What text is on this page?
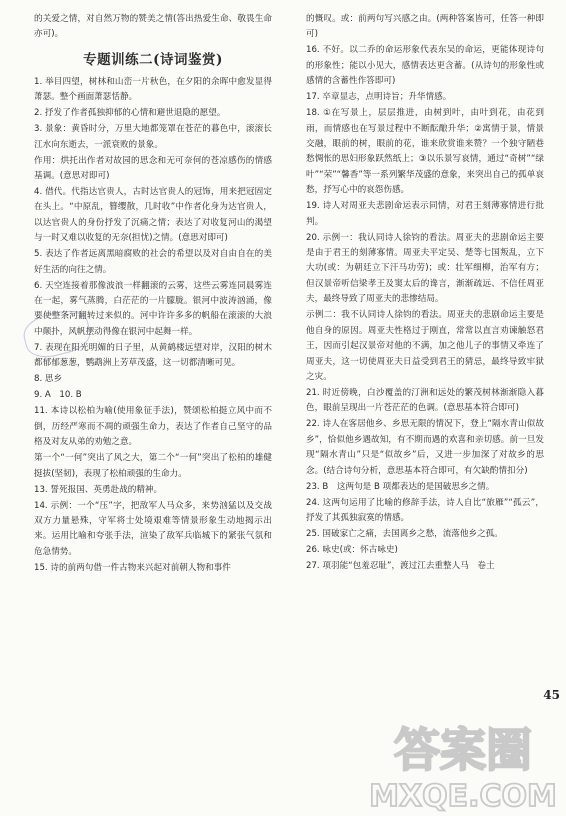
的关爱之情，对自然万物的赞美之情(答出热爱生命、敬畏生命亦可)。

专题训练二(诗词鉴赏)

1. 举目四望，树林和山峦一片秋色，在夕阳的余晖中愈发显得萧瑟。整个画面萧瑟恬静。

2. 抒发了作者孤独抑郁的心情和避世退隐的愿望。

3. 景象：黄昏时分，万里大地都笼罩在苍茫的暮色中，滚滚长江水向东逝去，一派衰败的景象。

作用：烘托出作者对故园的思念和无可奈何的苍凉感伤的情感基调。(意思对即可)

4. 借代。代指达官贵人，古时达官贵人的冠饰，用来把冠固定在头上。“中原乱，簪缨散，几时收”中作者化身为达官贵人，以达官贵人的身份抒发了沉痛之情；表达了对收复河山的渴望与一时又难以收复的无奈(担忧)之情。(意思对即可)

5. 表达了作者远离黑暗腐败的社会的希望以及对自由自在的美好生活的向往之情。

6. 天空连接着那像波浪一样翻滚的云雾，这些云雾连同晨雾连在一起，雾气蒸腾，白茫茫的一片朦胧。银河中波涛汹涌，像要使整条河翻转过来似的。河中许许多多的帆船在滚滚的大浪中颠扑，风帆摆动得像在银河中起舞一样。

7. 表现在阳光明媚的日子里，从黄鹤楼远望对岸，汉阳的树木都郁郁葱葱，鹦鹉洲上芳草茂盛，这一切都清晰可见。

8. 思乡

9. A　10. B

11. 本诗以松柏为喻(使用象征手法)，赞颂松柏挺立风中而不倒，历经严寒而不凋的顽强生命力，表达了作者自己坚守的品格及对友从弟的劝勉之意。

第一个“一何”突出了风之大，第二个“一何”突出了松柏的雄健挺拔(坚韧)，表现了松柏顽强的生命力。

13. 誓死报国、英勇赴战的精神。

14. 示例：一个“压”字，把敌军人马众多，来势汹猛以及交战双方力量悬殊，守军将士处境艰难等情景形象生动地揭示出来。运用比喻和夸张手法，渲染了敌军兵临城下的紧张气氛和危急情势。

15. 诗的前两句借一件古物来兴起对前朝人物和事件

的慨叹。或：前两句写兴感之由。(两种答案皆可，任答一种即可)

16. 不好。以二乔的命运形象代表东吴的命运，更能体现诗句的形象性；能以小见大，感情表达更含蓄。(从诗句的形象性或感情的含蓄性作答即可)

17. 卒章显志，点明诗旨；升华情感。

18. ①在写景上，层层推进，由树到叶，由叶到花，由花到雨，而情感也在写景过程中不断酝酿升华；②寓情于景，情景交融，眼前的树，眼前的花，谁来欣赏谁来赞？一个独守陋巷愁惆怅的思妇形象跃然纸上；③以乐景写哀情，通过“奇树”“绿叶”“荣”“馨香”等一系列繁华茂盛的意象，来突出自己的孤单哀愁，抒写心中的哀怨伤感。

19. 诗人对周亚夫悲剧命运表示同情，对君王刻薄寡情进行批判。

20. 示例一：我认同诗人徐钧的看法。周亚夫的悲剧命运主要是由于君王的刻薄寡情。周亚夫平定吴、楚等七国叛乱，立下大功(或：为朝廷立下汗马功劳)；或：壮军细柳，治军有方；但汉景帝听信梁孝王及窦太后的谗言，渐渐疏远、不信任周亚夫，最终导致了周亚夫的悲惨结局。

示例二：我不认同诗人徐钧的看法。周亚夫的悲剧命运主要是他自身的原因。周亚夫性格过于刚直，常常以直言劝谏触怒君王，因而引起汉景帝对他的不满，加之他儿子的事情又牵连了周亚夫，这一切使周亚夫日益受到君王的猜忌，最终导致牢狱之灾。

21. 时近傍晚，白沙覆盖的汀洲和远处的繁茂树林渐渐隐入暮色，眼前呈现出一片苍茫茫的色调。(意思基本符合即可)

22. 诗人在客居他乡、乡思无限的情况下，登上“隔水青山似故乡”，恰似他乡遇故知，有不期而遇的欢喜和亲切感。前一旦发现“隔水青山”只是“似故乡”后，又进一步加深了对故乡的思念。(结合诗句分析，意思基本符合即可，有欠缺酌情扣分)

23. B　这两句是 B 项都表达的是国破思乡之情。

24. 这两句运用了比喻的修辞手法，诗人自比“旅雁”“孤云”，抒发了其孤独寂寞的情感。

25. 国破家亡之痛，去国离乡之愁，流落他乡之孤。

26. 咏史(或：怀古咏史)

27. 项羽能“包羞忍耻”，渡过江去重整人马　卷土

45
答案圈
MXQE.COM
